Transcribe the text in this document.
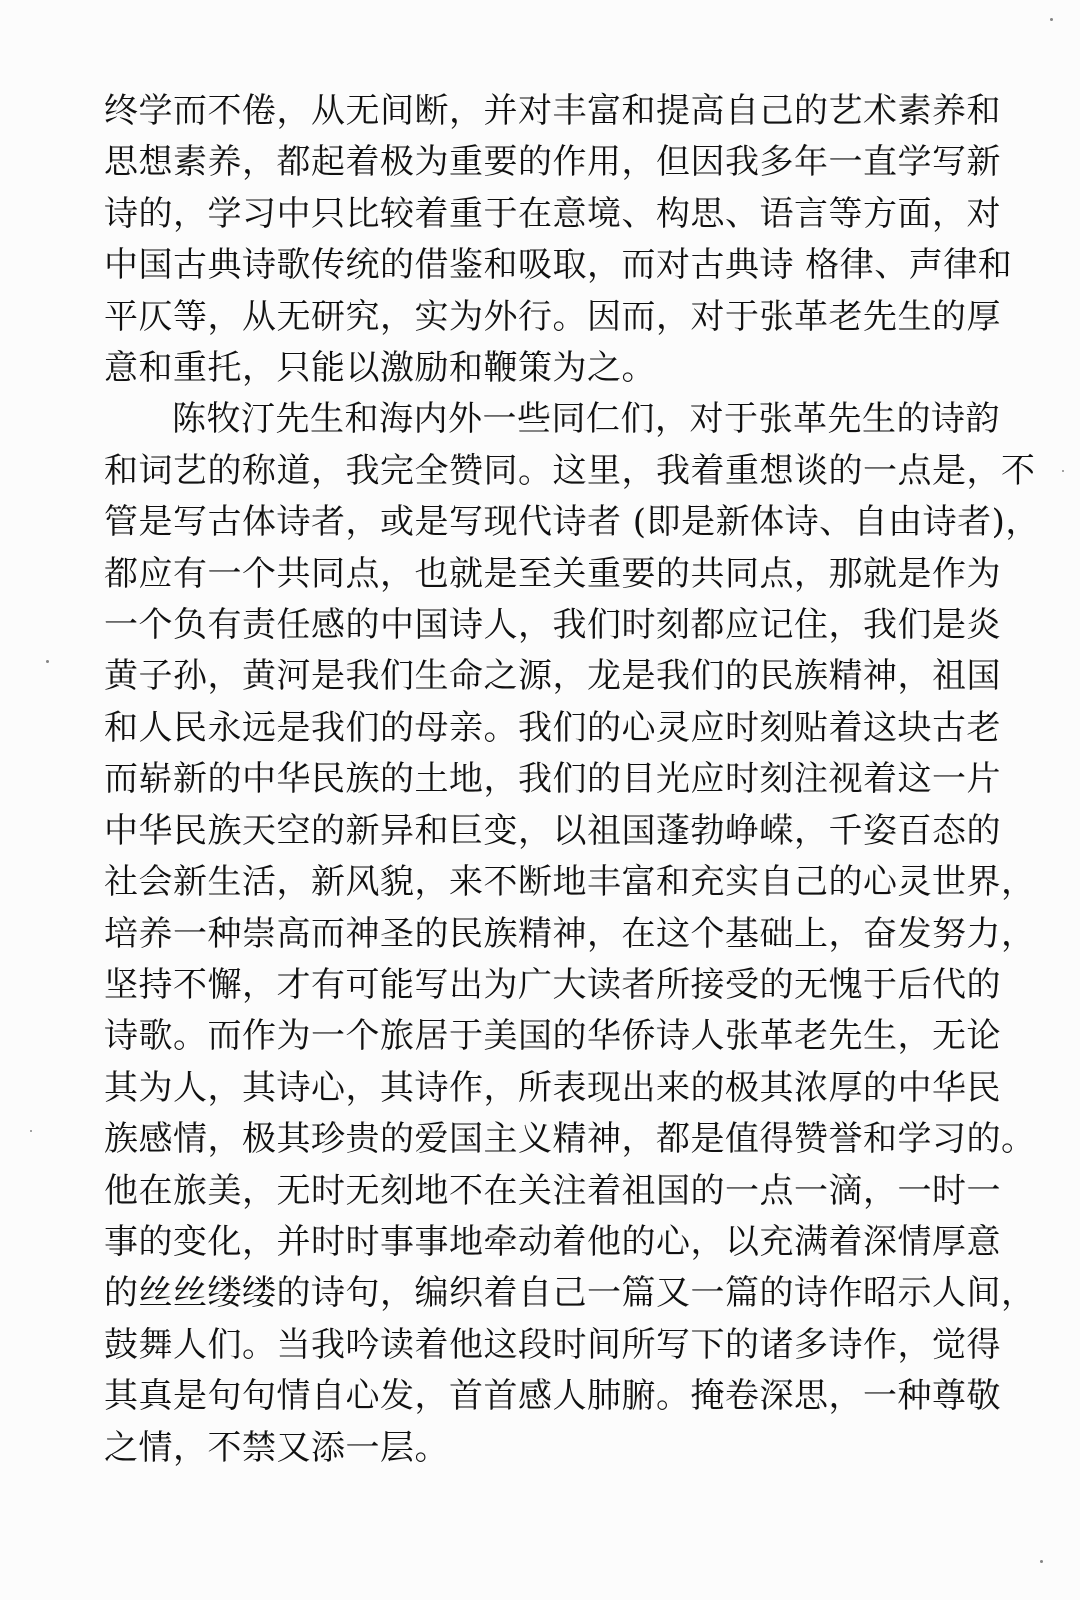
终学而不倦，从无间断，并对丰富和提高自己的艺术素养和
思想素养，都起着极为重要的作用，但因我多年一直学写新
诗的，学习中只比较着重于在意境、构思、语言等方面，对
中国古典诗歌传统的借鉴和吸取，而对古典诗 格律、声律和
平仄等，从无研究，实为外行。因而，对于张革老先生的厚
意和重托，只能以激励和鞭策为之。

陈牧汀先生和海内外一些同仁们，对于张革先生的诗韵
和词艺的称道，我完全赞同。这里，我着重想谈的一点是，不
管是写古体诗者，或是写现代诗者 (即是新体诗、自由诗者)，
都应有一个共同点，也就是至关重要的共同点，那就是作为
一个负有责任感的中国诗人，我们时刻都应记住，我们是炎
黄子孙，黄河是我们生命之源，龙是我们的民族精神，祖国
和人民永远是我们的母亲。我们的心灵应时刻贴着这块古老
而崭新的中华民族的土地，我们的目光应时刻注视着这一片
中华民族天空的新异和巨变，以祖国蓬勃峥嵘，千姿百态的
社会新生活，新风貌，来不断地丰富和充实自己的心灵世界，
培养一种崇高而神圣的民族精神，在这个基础上，奋发努力，
坚持不懈，才有可能写出为广大读者所接受的无愧于后代的
诗歌。而作为一个旅居于美国的华侨诗人张革老先生，无论
其为人，其诗心，其诗作，所表现出来的极其浓厚的中华民
族感情，极其珍贵的爱国主义精神，都是值得赞誉和学习的。
他在旅美，无时无刻地不在关注着祖国的一点一滴，一时一
事的变化，并时时事事地牵动着他的心，以充满着深情厚意
的丝丝缕缕的诗句，编织着自己一篇又一篇的诗作昭示人间，
鼓舞人们。当我吟读着他这段时间所写下的诸多诗作，觉得
其真是句句情自心发，首首感人肺腑。掩卷深思，一种尊敬
之情，不禁又添一层。
